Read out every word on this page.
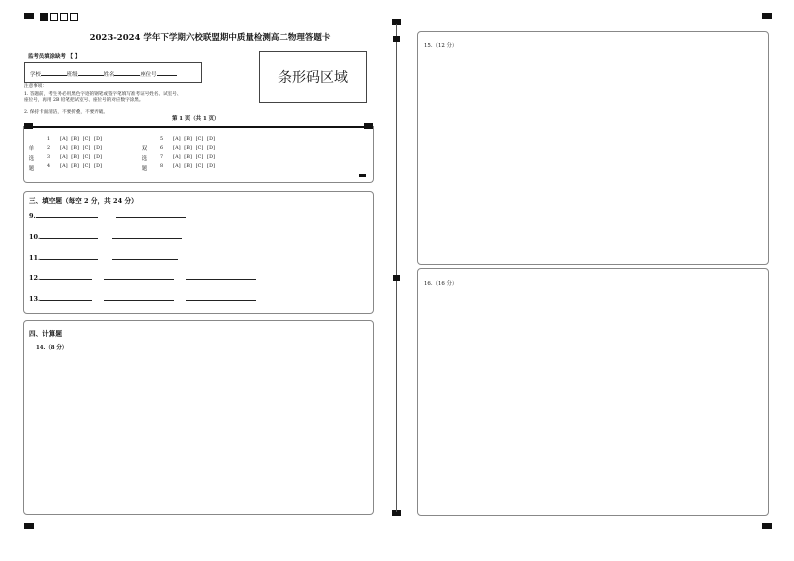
2023-2024 学年下学期六校联盟期中质量检测高二物理答题卡
监考员填涂缺考 【 】
学校	班级	姓名	座位号
注意事项：
1. 答题前，考生务必用黑色字迹的钢笔或签字笔填写准考证号姓名、试室号、
座位号，再用 2B 铅笔把试室号、座位号的对应数字涂黑。
2. 保持卡面清洁，不要折叠，不要弄破。
条形码区域
第 1 页（共 1 页）
单
选
题
双
选
题
1 [A]  [B]  [C]  [D]
2 [A]  [B]  [C]  [D]
3 [A]  [B]  [C]  [D]
4 [A]  [B]  [C]  [D]
5 [A]  [B]  [C]  [D]
6 [A]  [B]  [C]  [D]
7 [A]  [B]  [C]  [D]
8 [A]  [B]  [C]  [D]
三、填空题（每空 2 分，共 24 分）
9.
10.
11.
12.
13.
四、计算题
14.（8 分）
15.（12 分）
16.（16 分）
